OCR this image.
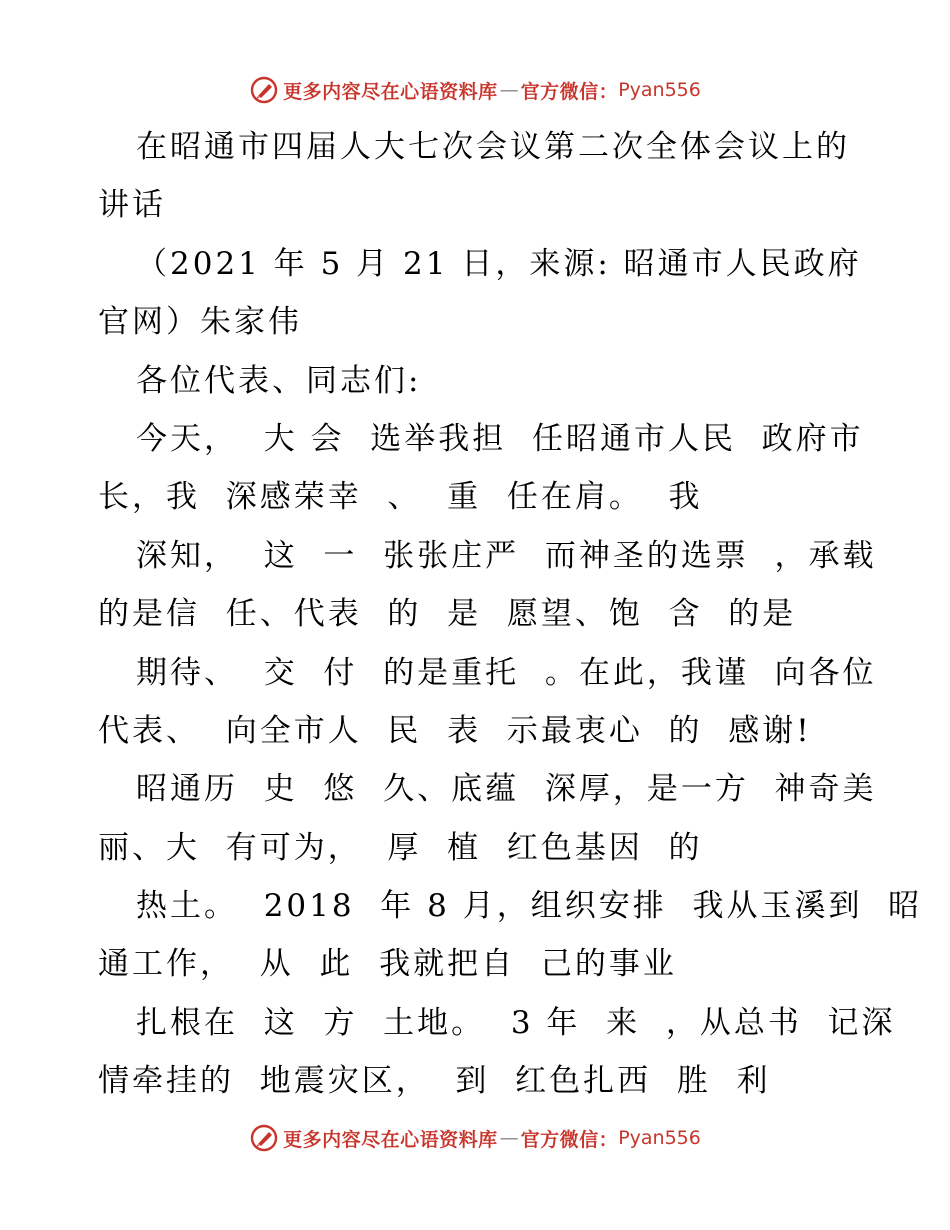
更多内容尽在心语资料库 — 官方微信： Pyan556
在昭通市四届人大七次会议第二次全体会议上的
讲话
（2021 年 5 月 21 日，来源: 昭通市人民政府
官网）朱家伟
各位代表、同志们:
今天，  大 会  选举我担  任昭通市人民  政府市
长，我  深感荣幸  、  重  任在肩。  我
深知，  这  一  张张庄严  而神圣的选票  ，承载
的是信  任、代表  的  是  愿望、饱  含  的是
期待、  交  付  的是重托  。在此，我谨  向各位
代表、  向全市人  民  表  示最衷心  的  感谢!
昭通历  史  悠  久、底蕴  深厚，是一方  神奇美
丽、大  有可为，  厚  植  红色基因  的
热土。  2018  年 8 月，组织安排  我从玉溪到  昭
通工作，  从  此  我就把自  己的事业
扎根在  这  方  土地。  3 年  来  ，从总书  记深
情牵挂的  地震灾区，  到  红色扎西  胜  利
更多内容尽在心语资料库 — 官方微信： Pyan556
